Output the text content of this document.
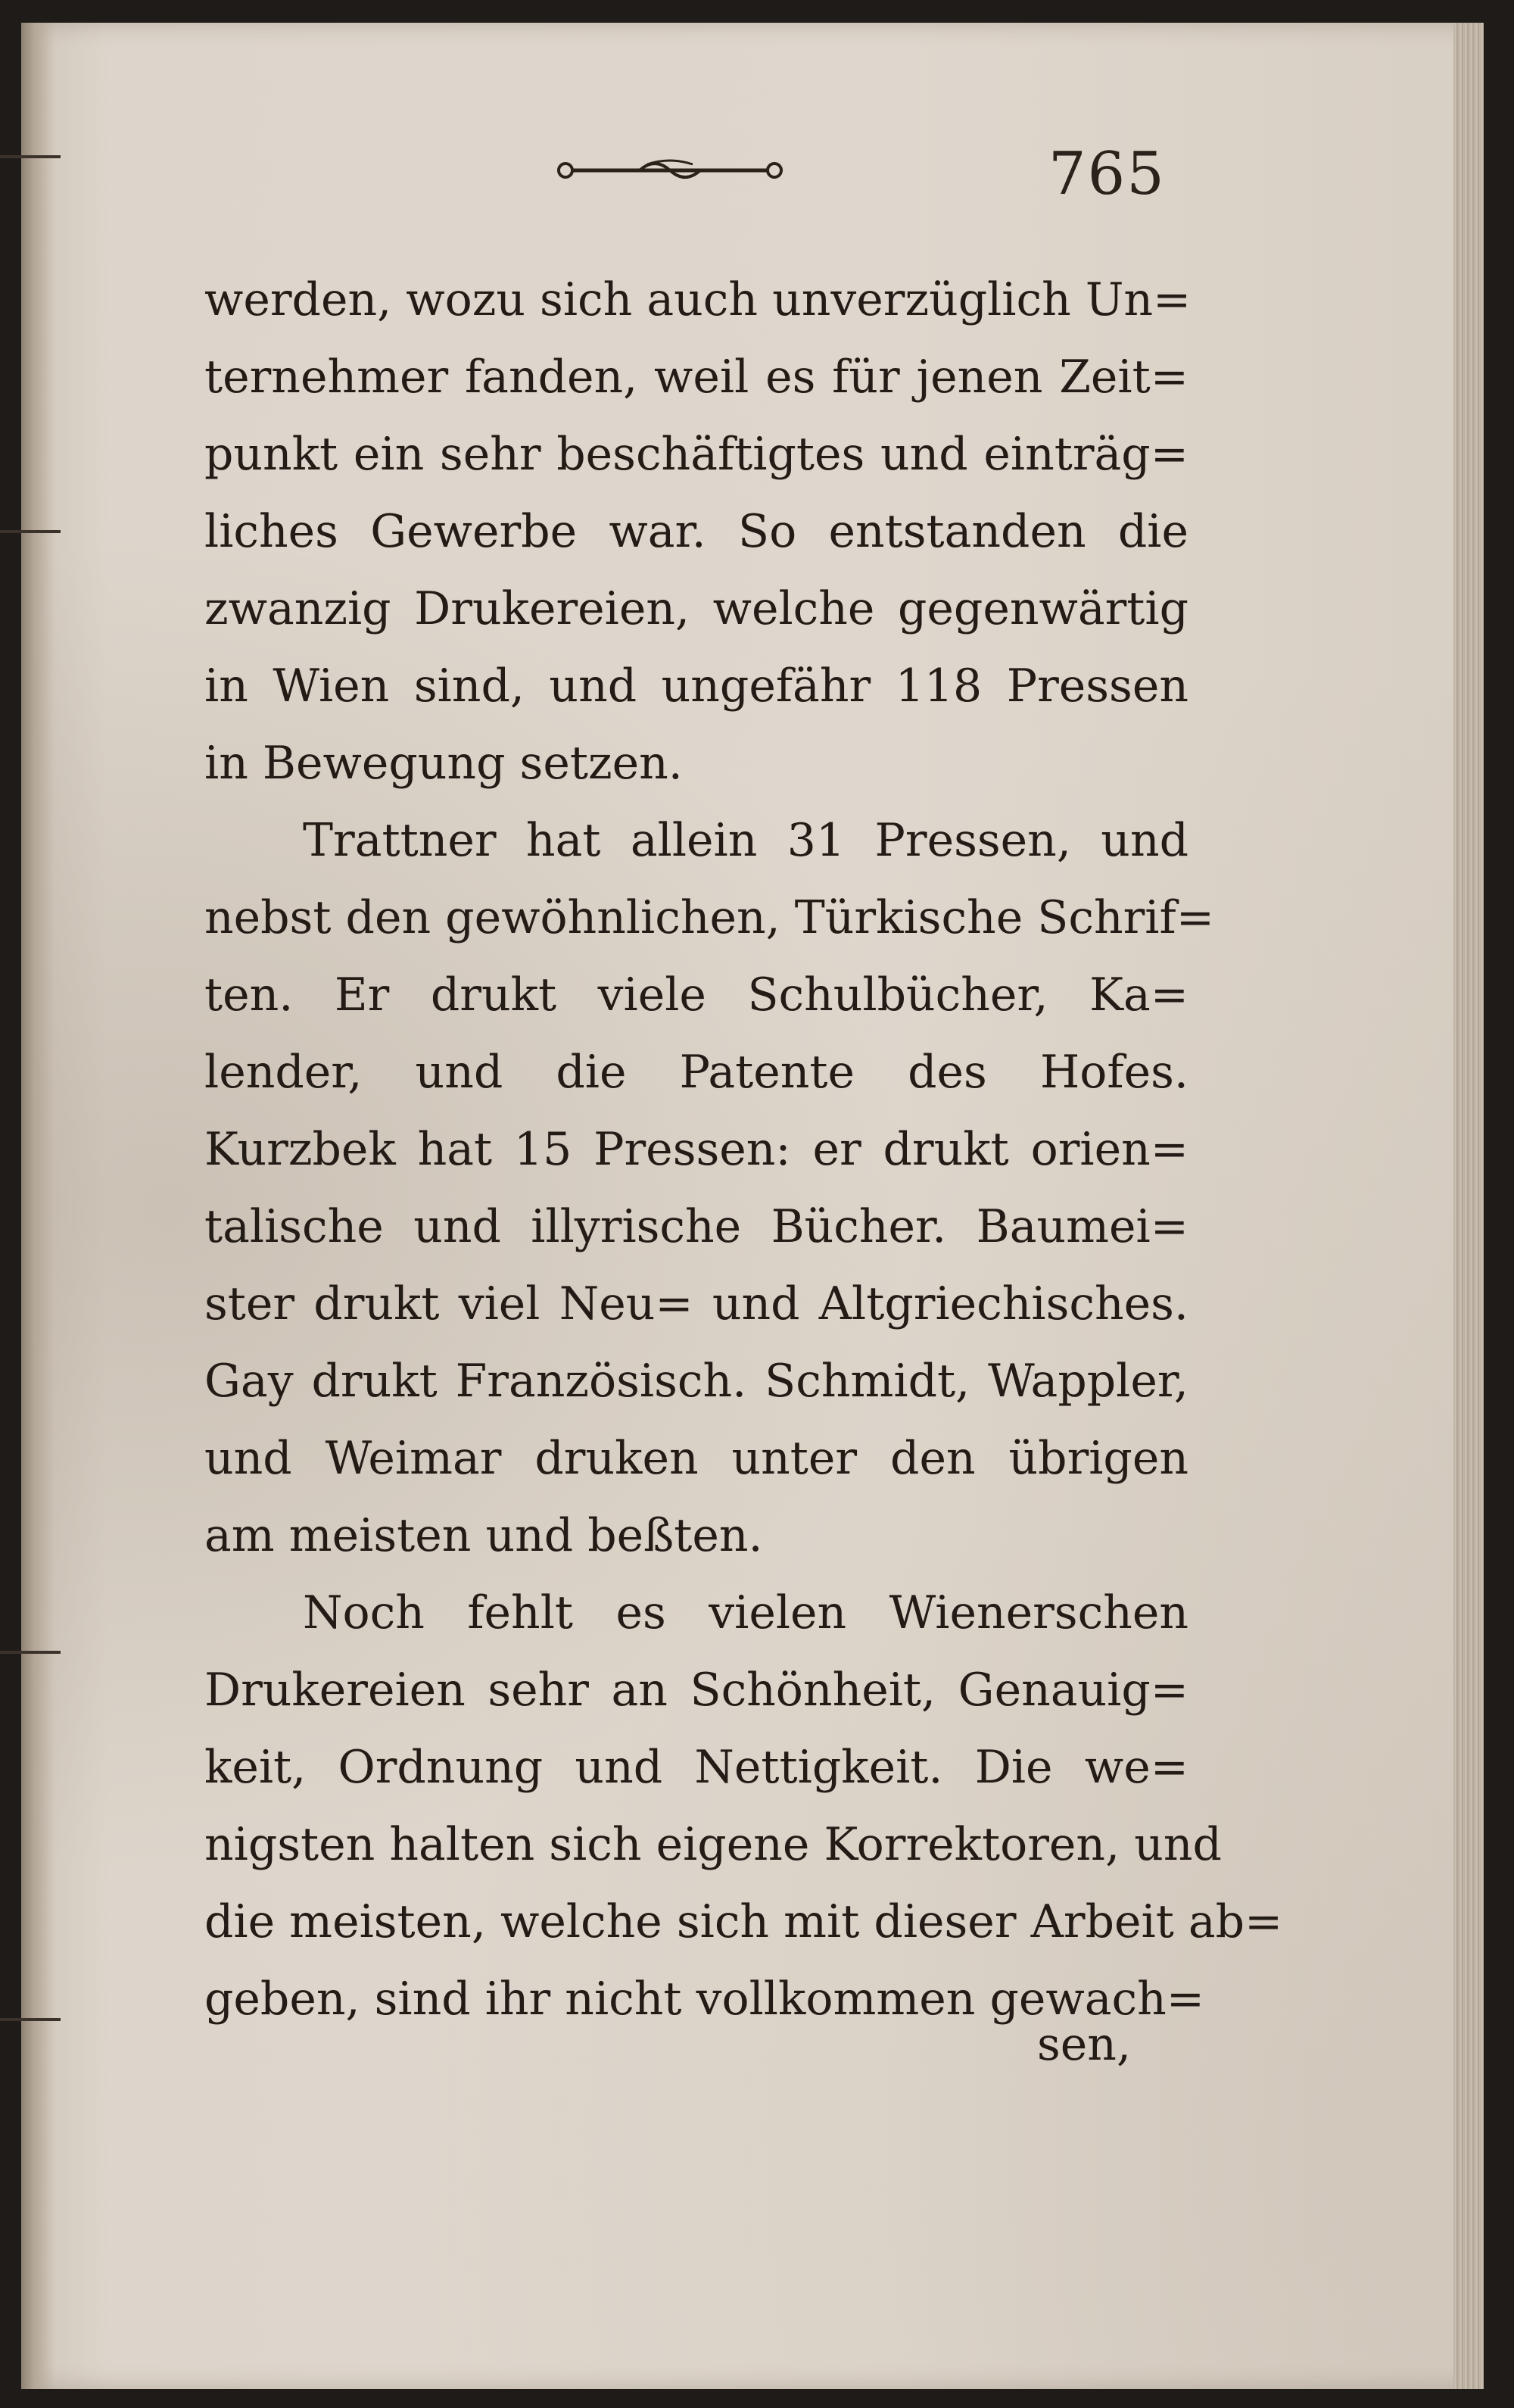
765
werden, wozu sich auch unverzüglich Un=
ternehmer fanden, weil es für jenen Zeit=
punkt ein sehr beschäftigtes und einträg=
liches Gewerbe war. So entstanden die
zwanzig Drukereien, welche gegenwärtig
in Wien sind, und ungefähr 118 Pressen
in Bewegung setzen.
Trattner hat allein 31 Pressen, und
nebst den gewöhnlichen, Türkische Schrif=
ten. Er drukt viele Schulbücher, Ka=
lender, und die Patente des Hofes.
Kurzbek hat 15 Pressen: er drukt orien=
talische und illyrische Bücher. Baumei=
ster drukt viel Neu= und Altgriechisches.
Gay drukt Französisch. Schmidt, Wappler,
und Weimar druken unter den übrigen
am meisten und beßten.
Noch fehlt es vielen Wienerschen
Drukereien sehr an Schönheit, Genauig=
keit, Ordnung und Nettigkeit. Die we=
nigsten halten sich eigene Korrektoren, und
die meisten, welche sich mit dieser Arbeit ab=
geben, sind ihr nicht vollkommen gewach=
sen,
